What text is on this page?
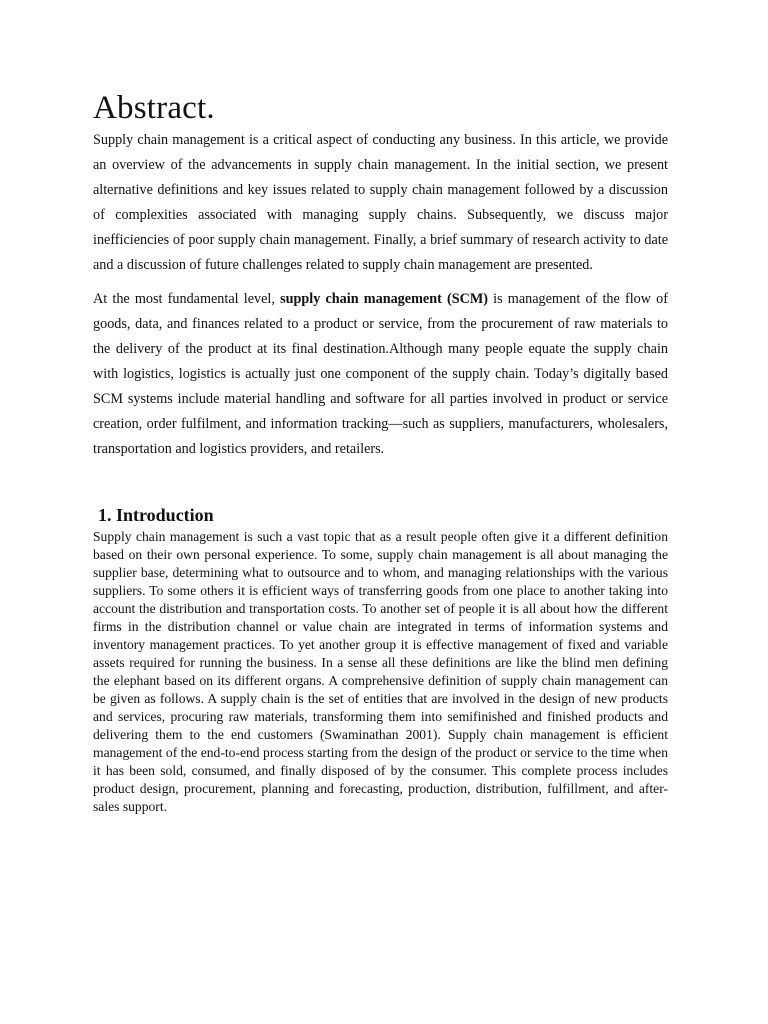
Abstract.

Supply chain management is a critical aspect of conducting any business. In this article, we provide an overview of the advancements in supply chain management. In the initial section, we present alternative definitions and key issues related to supply chain management followed by a discussion of complexities associated with managing supply chains. Subsequently, we discuss major inefficiencies of poor supply chain management. Finally, a brief summary of research activity to date and a discussion of future challenges related to supply chain management are presented.

At the most fundamental level, supply chain management (SCM) is management of the flow of goods, data, and finances related to a product or service, from the procurement of raw materials to the delivery of the product at its final destination.Although many people equate the supply chain with logistics, logistics is actually just one component of the supply chain. Today’s digitally based SCM systems include material handling and software for all parties involved in product or service creation, order fulfilment, and information tracking—such as suppliers, manufacturers, wholesalers, transportation and logistics providers, and retailers.

1. Introduction

Supply chain management is such a vast topic that as a result people often give it a different definition based on their own personal experience. To some, supply chain management is all about managing the supplier base, determining what to outsource and to whom, and managing relationships with the various suppliers. To some others it is efficient ways of transferring goods from one place to another taking into account the distribution and transportation costs. To another set of people it is all about how the different firms in the distribution channel or value chain are integrated in terms of information systems and inventory management practices. To yet another group it is effective management of fixed and variable assets required for running the business. In a sense all these definitions are like the blind men defining the elephant based on its different organs. A comprehensive definition of supply chain management can be given as follows. A supply chain is the set of entities that are involved in the design of new products and services, procuring raw materials, transforming them into semifinished and finished products and delivering them to the end customers (Swaminathan 2001). Supply chain management is efficient management of the end-to-end process starting from the design of the product or service to the time when it has been sold, consumed, and finally disposed of by the consumer. This complete process includes product design, procurement, planning and forecasting, production, distribution, fulfillment, and after-sales support.
